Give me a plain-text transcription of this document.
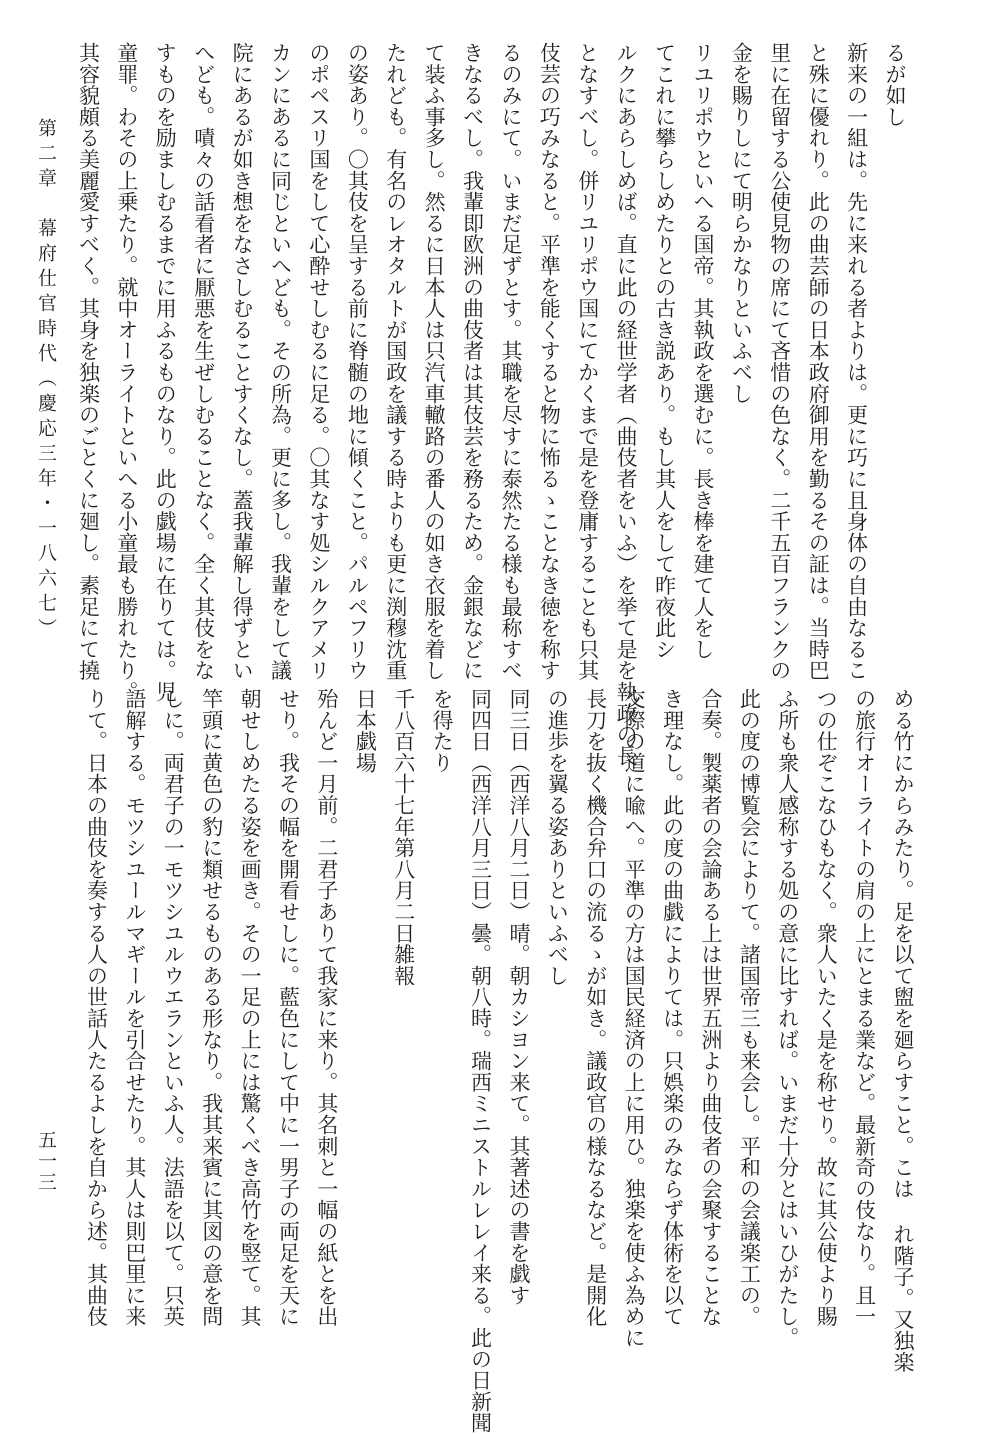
るが如し
新来の一組は。先に来れる者よりは。更に巧に且身体の自由なるこ
と殊に優れり。此の曲芸師の日本政府御用を勤るその証は。当時巴
里に在留する公使見物の席にて吝惜の色なく。二千五百フランクの
金を賜りしにて明らかなりといふべし
リユリポウといへる国帝。其執政を選むに。長き棒を建て人をし
てこれに攀らしめたりとの古き説あり。もし其人をして昨夜此シ
ルクにあらしめば。直に此の経世学者（曲伎者をいふ）を挙て是を執政の長
となすべし。併リユリポウ国にてかくまで是を登庸することも只其
伎芸の巧みなると。平準を能くすると物に怖るゝことなき徳を称す
るのみにて。いまだ足ずとす。其職を尽すに泰然たる様も最称すべ
きなるべし。我輩即欧洲の曲伎者は其伎芸を務るため。金銀などに
て装ふ事多し。然るに日本人は只汽車轍路の番人の如き衣服を着し
たれども。有名のレオタルトが国政を議する時よりも更に渕穆沈重
の姿あり。〇其伎を呈する前に脊髄の地に傾くこと。パルペフリウ
のポペスリ国をして心酔せしむるに足る。〇其なす処シルクアメリ
カンにあるに同じといへども。その所為。更に多し。我輩をして議
院にあるが如き想をなさしむることすくなし。蓋我輩解し得ずとい
へども。嘖々の話看者に厭悪を生ぜしむることなく。全く其伎をな
すものを励ましむるまでに用ふるものなり。此の戯場に在りては。児
童罪。わその上乗たり。就中オーライトといへる小童最も勝れたり。
其容貌頗る美麗愛すべく。其身を独楽のごとくに廻し。素足にて撓
める竹にからみたり。足を以て盥を廻らすこと。こは れ階子。又独楽
の旅行オーライトの肩の上にとまる業など。最新奇の伎なり。且一
つの仕ぞこなひもなく。衆人いたく是を称せり。故に其公使より賜
ふ所も衆人感称する処の意に比すれば。いまだ十分とはいひがたし。
此の度の博覧会によりて。諸国帝三も来会し。平和の会議楽工の。
合奏。製薬者の会論ある上は世界五洲より曲伎者の会聚することな
き理なし。此の度の曲戯によりては。只娯楽のみならず体術を以て
交際の道に喩へ。平準の方は国民経済の上に用ひ。独楽を使ふ為めに
長刀を抜く機合弁口の流るゝが如き。議政官の様なるなど。是開化
の進歩を翼る姿ありといふべし
同三日（西洋八月二日）晴。朝カシヨン来て。其著述の書を戯す
同四日（西洋八月三日）曇。朝八時。瑞西ミニストルレレイ来る。此の日新聞
を得たり
千八百六十七年第八月二日雑報
日本戯場
殆んど一月前。二君子ありて我家に来り。其名刺と一幅の紙とを出
せり。我その幅を開看せしに。藍色にして中に一男子の両足を天に
朝せしめたる姿を画き。その一足の上には驚くべき高竹を竪て。其
竿頭に黄色の豹に類せるものある形なり。我其来賓に其図の意を問
しに。両君子の一モツシユルウエランといふ人。法語を以て。只英
語解する。モツシユールマギールを引合せたり。其人は則巴里に来
りて。日本の曲伎を奏する人の世話人たるよしを自から述。其曲伎
第二章　幕府仕官時代（慶応三年・一八六七）
五一三
